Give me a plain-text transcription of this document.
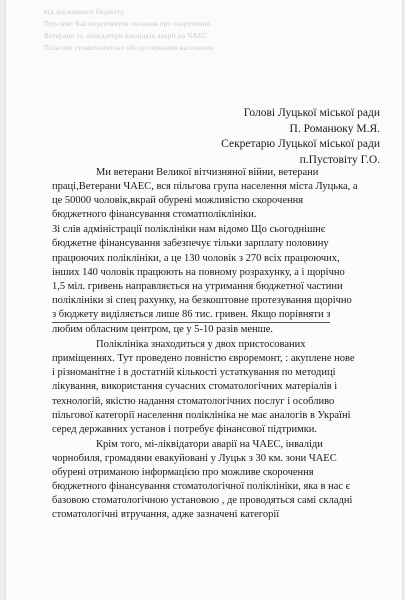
від державного бюджету.
Просимо Вас переглянути питання про скорочення.
Ветерани та ліквідатори наслідків аварії на ЧАЕС.
Пільгове стоматологічне обслуговування населення.
Голові Луцької міської ради
П. Романюку М.Я.
Секретарю Луцької міської ради
п.Пустовіту Г.О.
Ми ветерани Великої вітчизняної війни, ветерани
праці,Ветерани ЧАЕС, вся пільгова група населення міста Луцька, а
це 50000 чоловік,вкрай обурені можливістю скорочення
бюджетного фінансування стоматполіклініки.
Зі слів адміністрації поліклініки нам відомо Що сьогоднішнє
бюджетне фінансування забезпечує тільки зарплату половину
працюючих поліклініки, а це 130 чоловік з 270 всіх працюючих,
інших 140 чоловік працюють на повному розрахунку, а і щорічно
1,5 міл. гривень направляється на утримання бюджетної частини
поліклініки зі спец рахунку, на безкоштовне протезування щорічно
з бюджету виділяється лише 86 тис. гривен. Якщо порівняти з
любим обласним центром, це у 5-10 разів менше.
Поліклініка знаходиться у двох пристосованих
приміщеннях. Тут проведено повністю євроремонт, : акуплене нове
і різноманітне і в достатній кількості устаткування по методиці
лікування, використання сучасних стоматологічних матеріалів і
технологій, якістю надання стоматологічних послуг і особливо
пільгової категорії населення поліклініка не має аналогів в Україні
серед державних установ і потребує фінансової підтримки.
Крім того, мі-ліквідатори аварії на ЧАЕС, інваліди
чорнобиля, громадяни евакуйовані у Луцьк з 30 км. зони ЧАЕС
обурені отриманою інформацією про можливе скорочення
бюджетного фінансування стоматологічної поліклініки, яка в нас є
базовою стоматологічною установою , де проводяться самі складні
стоматологічні втручання, адже зазначені категорії
